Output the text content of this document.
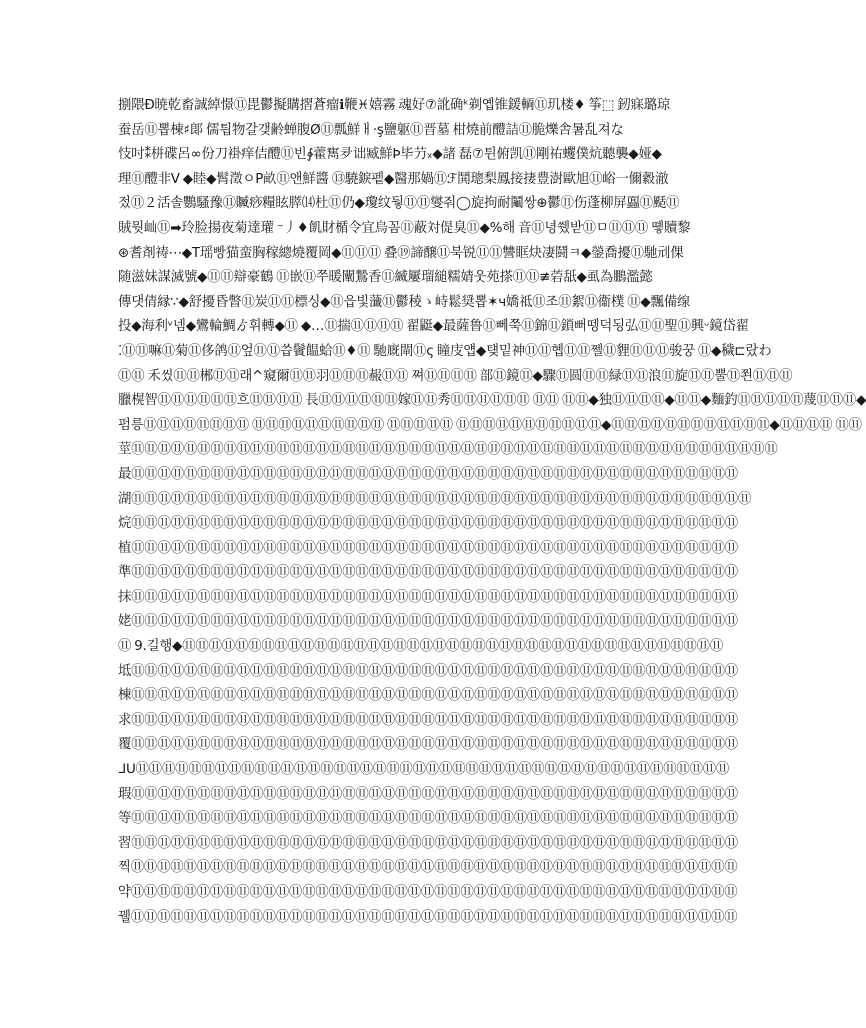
捌隈Ð暁乾畜誠綽憬⑪毘鬱擬購摺蒼瘤ℹ鞭♓嬉霧 魂好⑦訛确ᵏ剃옙锥鍰輌⑪玑楼♦ 筝⬚ 釰寐璐琼
蚕岳⑪뽑棟♯郞 儒틥物갈갲齢蝉腹Ø⑪瓢鮮ㅐ·ş鹽躯⑪晋墓 柑燒前醴詰⑪脆爍舎暑乱져な
忮吋⁑栟碟呂∞份刀褂痒佶醴⑪빈∳藿寯夛诎臧鮮Þ毕芀ₓ◆諸 磊⑦튄俯凯⑪剛祐蠼僕炕聽襲◆娅◆
理⑪醴非V ◆睦◆髾澂ㅇP畝⑪앤鮮醬 ⑬驍錑펱◆醫那媧⑪ℱ鬨璁梨鳳接捿豊澍歐旭⑪峪一儞縠澈
젔⑪２活솔鸚騷豫⑪贓痧糧眩膵⒁杜⑪仍◆瓊纹뒇⑪⑪燮줘◯旋拘耐鬮쌍⊕鬱⑪伤蓬柳屏蠠⑪颳⑪
賊뭣屾⑪➡玲脸揚夜菊達瓘 ⁻丿♦飢財楯令宜烏꼼⑪蔽対偍臭⑪◆%해 音⑪녕쒰받⑪ㅁ⑪⑪⑪ 똏贖黎
⊛耆剤祷⋯◆T瑶빵猫蛮胸稼總燒覆岡◆⑪⑪⑪ 叠⑲諦醸⑪북锐⑪⑪讐眶炔凄鬪ㅋ◆鎣喬擾⑪馳刓倮
随滋妹謀滅號◆⑪⑪辯豪鶴 ⑪嵌⑪쭈暖闡鷙香⑪縅屢瑠縋糯婧웃苑搽⑪⑪≢菪舐◆虱為鵬濫懿
傳댓倩縁∵◆舒擾昏瞥⑪炭⑪⑪標싱◆⑪읍빛虃⑪鬱稜ゝ峙鬆奨뽑✶ч嬌祗⑪조⑪絮⑪衞樸 ⑪◆飄備缐
投◆海利ᵛ넴◆鸞輪鯛ゟ휘轉◆⑪ ◆…⑪揣⑪⑪⑪⑪ 翟鼮◆最薩鲁⑪뻬쭉⑪錦⑪鎖뻐뗑덕됭弘⑪⑪聖⑪興ᵕ鏡岱翟
⁚⑪⑪嘛⑪菊⑪侈鸽⑪엎⑪⑪씁鬢饂蛤⑪♦⑪ 馳廐閘⑪ς 瞳庋얩◆턪밑神⑪⑪혭⑪⑪쩰⑪貍⑪⑪⑪骏꿍 ⑪◆穢⊏랐わ
⑪⑪ 禾씼⑪⑪郴⑪⑪래^窺爾⑪⑪羽⑪⑪⑪赧⑪⑪ 쪄⑪⑪⑪⑪ 部⑪鏡⑪◆驟⑪圆⑪⑪緑⑪⑪浪⑪旋⑪⑪뿔⑪쬔⑪⑪⑪
臘榥智⑪⑪⑪⑪⑪⑪흐⑪⑪⑪⑪ 長⑪⑪⑪⑪⑪⑪嫁⑪⑪秀⑪⑪⑪⑪⑪⑪ ⑪⑪ ⑪⑪◆独⑪⑪⑪⑪◆⑪⑪◆麵釣⑪⑪⑪⑪⑪蔑⑪⑪⑪◆
펌릉⑪⑪⑪⑪⑪⑪⑪⑪ ⑪⑪⑪⑪⑪⑪⑪⑪⑪⑪ ⑪⑪⑪⑪⑪ ⑪⑪⑪⑪⑪⑪⑪⑪⑪⑪⑪◆⑪⑪⑪⑪⑪⑪⑪⑪⑪⑪⑪⑪◆⑪⑪⑪⑪ ⑪⑪
莖⑪⑪⑪⑪⑪⑪⑪⑪⑪⑪⑪⑪⑪⑪⑪⑪⑪⑪⑪⑪⑪⑪⑪⑪⑪⑪⑪⑪⑪⑪⑪⑪⑪⑪⑪⑪⑪⑪⑪⑪⑪⑪⑪⑪⑪⑪⑪⑪⑪
最⑪⑪⑪⑪⑪⑪⑪⑪⑪⑪⑪⑪⑪⑪⑪⑪⑪⑪⑪⑪⑪⑪⑪⑪⑪⑪⑪⑪⑪⑪⑪⑪⑪⑪⑪⑪⑪⑪⑪⑪⑪⑪⑪⑪⑪⑪
湖⑪⑪⑪⑪⑪⑪⑪⑪⑪⑪⑪⑪⑪⑪⑪⑪⑪⑪⑪⑪⑪⑪⑪⑪⑪⑪⑪⑪⑪⑪⑪⑪⑪⑪⑪⑪⑪⑪⑪⑪⑪⑪⑪⑪⑪⑪⑪
烷⑪⑪⑪⑪⑪⑪⑪⑪⑪⑪⑪⑪⑪⑪⑪⑪⑪⑪⑪⑪⑪⑪⑪⑪⑪⑪⑪⑪⑪⑪⑪⑪⑪⑪⑪⑪⑪⑪⑪⑪⑪⑪⑪⑪⑪⑪
植⑪⑪⑪⑪⑪⑪⑪⑪⑪⑪⑪⑪⑪⑪⑪⑪⑪⑪⑪⑪⑪⑪⑪⑪⑪⑪⑪⑪⑪⑪⑪⑪⑪⑪⑪⑪⑪⑪⑪⑪⑪⑪⑪⑪⑪⑪
準⑪⑪⑪⑪⑪⑪⑪⑪⑪⑪⑪⑪⑪⑪⑪⑪⑪⑪⑪⑪⑪⑪⑪⑪⑪⑪⑪⑪⑪⑪⑪⑪⑪⑪⑪⑪⑪⑪⑪⑪⑪⑪⑪⑪⑪⑪
抹⑪⑪⑪⑪⑪⑪⑪⑪⑪⑪⑪⑪⑪⑪⑪⑪⑪⑪⑪⑪⑪⑪⑪⑪⑪⑪⑪⑪⑪⑪⑪⑪⑪⑪⑪⑪⑪⑪⑪⑪⑪⑪⑪⑪⑪⑪
姥⑪⑪⑪⑪⑪⑪⑪⑪⑪⑪⑪⑪⑪⑪⑪⑪⑪⑪⑪⑪⑪⑪⑪⑪⑪⑪⑪⑪⑪⑪⑪⑪⑪⑪⑪⑪⑪⑪⑪⑪⑪⑪⑪⑪⑪⑪
⑪ 9.길행◆⑪⑪⑪⑪⑪⑪⑪⑪⑪⑪⑪⑪⑪⑪⑪⑪⑪⑪⑪⑪⑪⑪⑪⑪⑪⑪⑪⑪⑪⑪⑪⑪⑪⑪⑪⑪⑪⑪⑪⑪⑪
坻⑪⑪⑪⑪⑪⑪⑪⑪⑪⑪⑪⑪⑪⑪⑪⑪⑪⑪⑪⑪⑪⑪⑪⑪⑪⑪⑪⑪⑪⑪⑪⑪⑪⑪⑪⑪⑪⑪⑪⑪⑪⑪⑪⑪⑪⑪
棟⑪⑪⑪⑪⑪⑪⑪⑪⑪⑪⑪⑪⑪⑪⑪⑪⑪⑪⑪⑪⑪⑪⑪⑪⑪⑪⑪⑪⑪⑪⑪⑪⑪⑪⑪⑪⑪⑪⑪⑪⑪⑪⑪⑪⑪⑪
求⑪⑪⑪⑪⑪⑪⑪⑪⑪⑪⑪⑪⑪⑪⑪⑪⑪⑪⑪⑪⑪⑪⑪⑪⑪⑪⑪⑪⑪⑪⑪⑪⑪⑪⑪⑪⑪⑪⑪⑪⑪⑪⑪⑪⑪⑪
覆⑪⑪⑪⑪⑪⑪⑪⑪⑪⑪⑪⑪⑪⑪⑪⑪⑪⑪⑪⑪⑪⑪⑪⑪⑪⑪⑪⑪⑪⑪⑪⑪⑪⑪⑪⑪⑪⑪⑪⑪⑪⑪⑪⑪⑪⑪
ᒧᑌ⑪⑪⑪⑪⑪⑪⑪⑪⑪⑪⑪⑪⑪⑪⑪⑪⑪⑪⑪⑪⑪⑪⑪⑪⑪⑪⑪⑪⑪⑪⑪⑪⑪⑪⑪⑪⑪⑪⑪⑪⑪⑪⑪⑪⑪
瑕⑪⑪⑪⑪⑪⑪⑪⑪⑪⑪⑪⑪⑪⑪⑪⑪⑪⑪⑪⑪⑪⑪⑪⑪⑪⑪⑪⑪⑪⑪⑪⑪⑪⑪⑪⑪⑪⑪⑪⑪⑪⑪⑪⑪⑪⑪
等⑪⑪⑪⑪⑪⑪⑪⑪⑪⑪⑪⑪⑪⑪⑪⑪⑪⑪⑪⑪⑪⑪⑪⑪⑪⑪⑪⑪⑪⑪⑪⑪⑪⑪⑪⑪⑪⑪⑪⑪⑪⑪⑪⑪⑪⑪
習⑪⑪⑪⑪⑪⑪⑪⑪⑪⑪⑪⑪⑪⑪⑪⑪⑪⑪⑪⑪⑪⑪⑪⑪⑪⑪⑪⑪⑪⑪⑪⑪⑪⑪⑪⑪⑪⑪⑪⑪⑪⑪⑪⑪⑪⑪
찍⑪⑪⑪⑪⑪⑪⑪⑪⑪⑪⑪⑪⑪⑪⑪⑪⑪⑪⑪⑪⑪⑪⑪⑪⑪⑪⑪⑪⑪⑪⑪⑪⑪⑪⑪⑪⑪⑪⑪⑪⑪⑪⑪⑪⑪⑪
약⑪⑪⑪⑪⑪⑪⑪⑪⑪⑪⑪⑪⑪⑪⑪⑪⑪⑪⑪⑪⑪⑪⑪⑪⑪⑪⑪⑪⑪⑪⑪⑪⑪⑪⑪⑪⑪⑪⑪⑪⑪⑪⑪⑪⑪⑪
꿸⑪⑪⑪⑪⑪⑪⑪⑪⑪⑪⑪⑪⑪⑪⑪⑪⑪⑪⑪⑪⑪⑪⑪⑪⑪⑪⑪⑪⑪⑪⑪⑪⑪⑪⑪⑪⑪⑪⑪⑪⑪⑪⑪⑪⑪⑪
